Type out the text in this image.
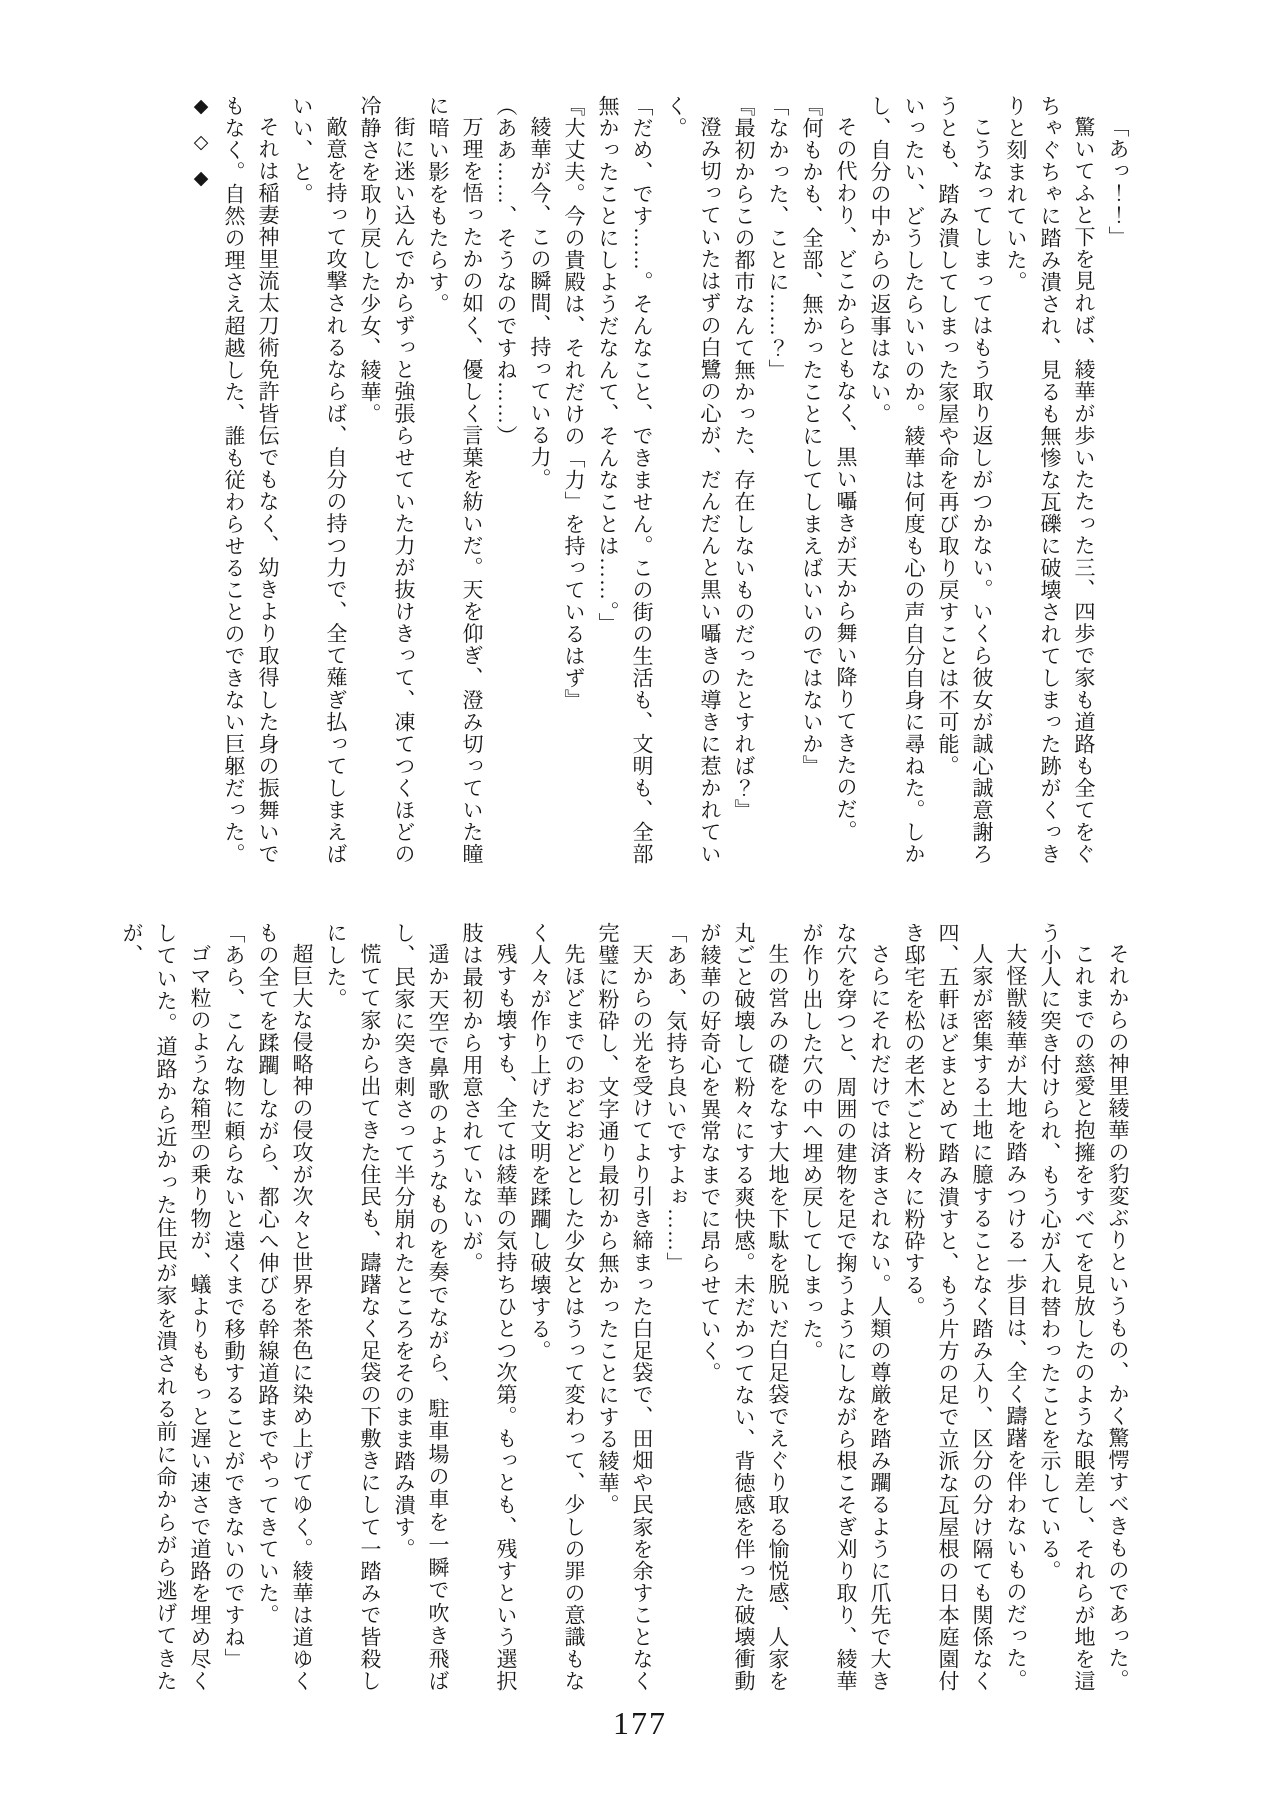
「あっ！！」

驚いてふと下を見れば、綾華が歩いたたった三、四歩で家も道路も全てをぐちゃぐちゃに踏み潰され、見るも無惨な瓦礫に破壊されてしまった跡がくっきりと刻まれていた。

こうなってしまってはもう取り返しがつかない。いくら彼女が誠心誠意謝ろうとも、踏み潰してしまった家屋や命を再び取り戻すことは不可能。

いったい、どうしたらいいのか。綾華は何度も心の声自分自身に尋ねた。しかし、自分の中からの返事はない。

その代わり、どこからともなく、黒い囁きが天から舞い降りてきたのだ。

『何もかも、全部、無かったことにしてしまえばいいのではないか』

「なかった、ことに……？」

『最初からこの都市なんて無かった、存在しないものだったとすれば？』

澄み切っていたはずの白鷺の心が、だんだんと黒い囁きの導きに惹かれていく。

「だめ、です……。そんなこと、できません。この街の生活も、文明も、全部無かったことにしようだなんて、そんなことは……。」

『大丈夫。今の貴殿は、それだけの「力」を持っているはず』

綾華が今、この瞬間、持っている力。

（ああ……、そうなのですね……）

万理を悟ったかの如く、優しく言葉を紡いだ。天を仰ぎ、澄み切っていた瞳に暗い影をもたらす。

街に迷い込んでからずっと強張らせていた力が抜けきって、凍てつくほどの冷静さを取り戻した少女、綾華。

敵意を持って攻撃されるならば、自分の持つ力で、全て薙ぎ払ってしまえばいい、と。

それは稲妻神里流太刀術免許皆伝でもなく、幼きより取得した身の振舞いでもなく。自然の理さえ超越した、誰も従わらせることのできない巨躯だった。

◆◇◆

それからの神里綾華の豹変ぶりというもの、かく驚愕すべきものであった。

これまでの慈愛と抱擁をすべてを見放したのような眼差し、それらが地を這う小人に突き付けられ、もう心が入れ替わったことを示している。

大怪獣綾華が大地を踏みつける一歩目は、全く躊躇を伴わないものだった。

人家が密集する土地に臆することなく踏み入り、区分の分け隔ても関係なく四、五軒ほどまとめて踏み潰すと、もう片方の足で立派な瓦屋根の日本庭園付き邸宅を松の老木ごと粉々に粉砕する。

さらにそれだけでは済まされない。人類の尊厳を踏み躙るように爪先で大きな穴を穿つと、周囲の建物を足で掬うようにしながら根こそぎ刈り取り、綾華が作り出した穴の中へ埋め戻してしまった。

生の営みの礎をなす大地を下駄を脱いだ白足袋でえぐり取る愉悦感、人家を丸ごと破壊して粉々にする爽快感。未だかつてない、背徳感を伴った破壊衝動が綾華の好奇心を異常なまでに昂らせていく。

「ああ、気持ち良いですよぉ……」

天からの光を受けてより引き締まった白足袋で、田畑や民家を余すことなく完璧に粉砕し、文字通り最初から無かったことにする綾華。

先ほどまでのおどおどとした少女とはうって変わって、少しの罪の意識もなく人々が作り上げた文明を蹂躙し破壊する。

残すも壊すも、全ては綾華の気持ちひとつ次第。もっとも、残すという選択肢は最初から用意されていないが。

遥か天空で鼻歌のようなものを奏でながら、駐車場の車を一瞬で吹き飛ばし、民家に突き刺さって半分崩れたところをそのまま踏み潰す。

慌てて家から出てきた住民も、躊躇なく足袋の下敷きにして一踏みで皆殺しにした。

超巨大な侵略神の侵攻が次々と世界を茶色に染め上げてゆく。綾華は道ゆくもの全てを蹂躙しながら、都心へ伸びる幹線道路までやってきていた。

「あら、こんな物に頼らないと遠くまで移動することができないのですね」

ゴマ粒のような箱型の乗り物が、蟻よりももっと遅い速さで道路を埋め尽くしていた。道路から近かった住民が家を潰される前に命からがら逃げてきたが、

177
